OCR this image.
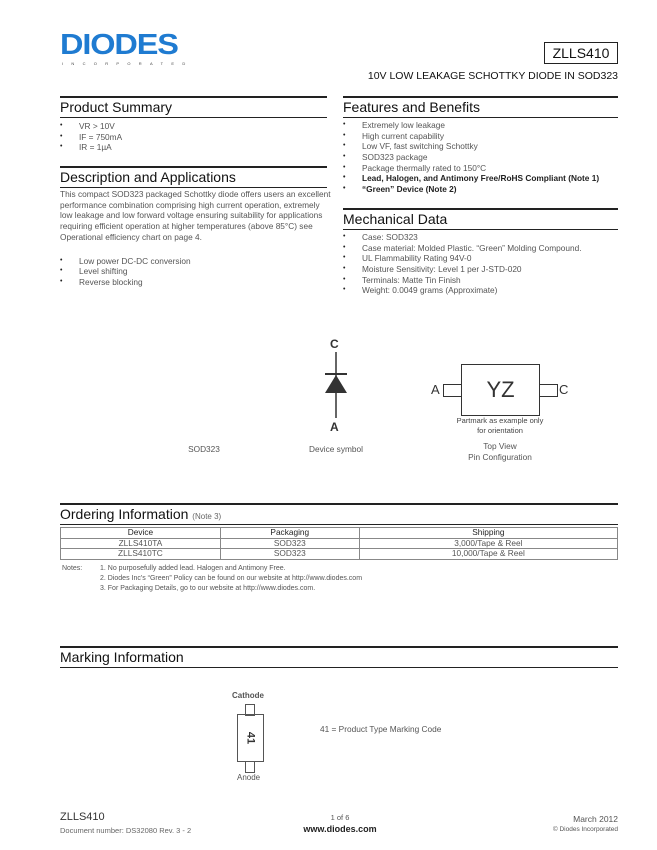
DIODES
INCORPORATED
ZLLS410
10V LOW LEAKAGE SCHOTTKY DIODE IN SOD323
Product Summary
• VR > 10V
• IF = 750mA
• IR = 1µA
Description and Applications
This compact SOD323 packaged Schottky diode offers users an excellent performance combination comprising high current operation, extremely low leakage and low forward voltage ensuring suitability for applications requiring efficient operation at higher temperatures (above 85°C) see Operational efficiency chart on page 4.
• Low power DC-DC conversion
• Level shifting
• Reverse blocking
Features and Benefits
• Extremely low leakage
• High current capability
• Low VF, fast switching Schottky
• SOD323 package
• Package thermally rated to 150°C
• Lead, Halogen, and Antimony Free/RoHS Compliant (Note 1)
• “Green” Device (Note 2)
Mechanical Data
• Case: SOD323
• Case material: Molded Plastic. “Green” Molding Compound.
• UL Flammability Rating 94V-0
• Moisture Sensitivity: Level 1 per J-STD-020
• Terminals: Matte Tin Finish
• Weight: 0.0049 grams (Approximate)
C
A
SOD323	Device symbol
A	YZ	C
Partmark as example only
for orientation
Top View
Pin Configuration
Ordering Information (Note 3)
Device	Packaging	Shipping
ZLLS410TA	SOD323	3,000/Tape & Reel
ZLLS410TC	SOD323	10,000/Tape & Reel
Notes:	1. No purposefully added lead. Halogen and Antimony Free.
2. Diodes Inc's “Green” Policy can be found on our website at http://www.diodes.com
3. For Packaging Details, go to our website at http://www.diodes.com.
Marking Information
Cathode
41
Anode
41 = Product Type Marking Code
ZLLS410
Document number: DS32080 Rev. 3 - 2
1 of 6
www.diodes.com
March 2012
© Diodes Incorporated
